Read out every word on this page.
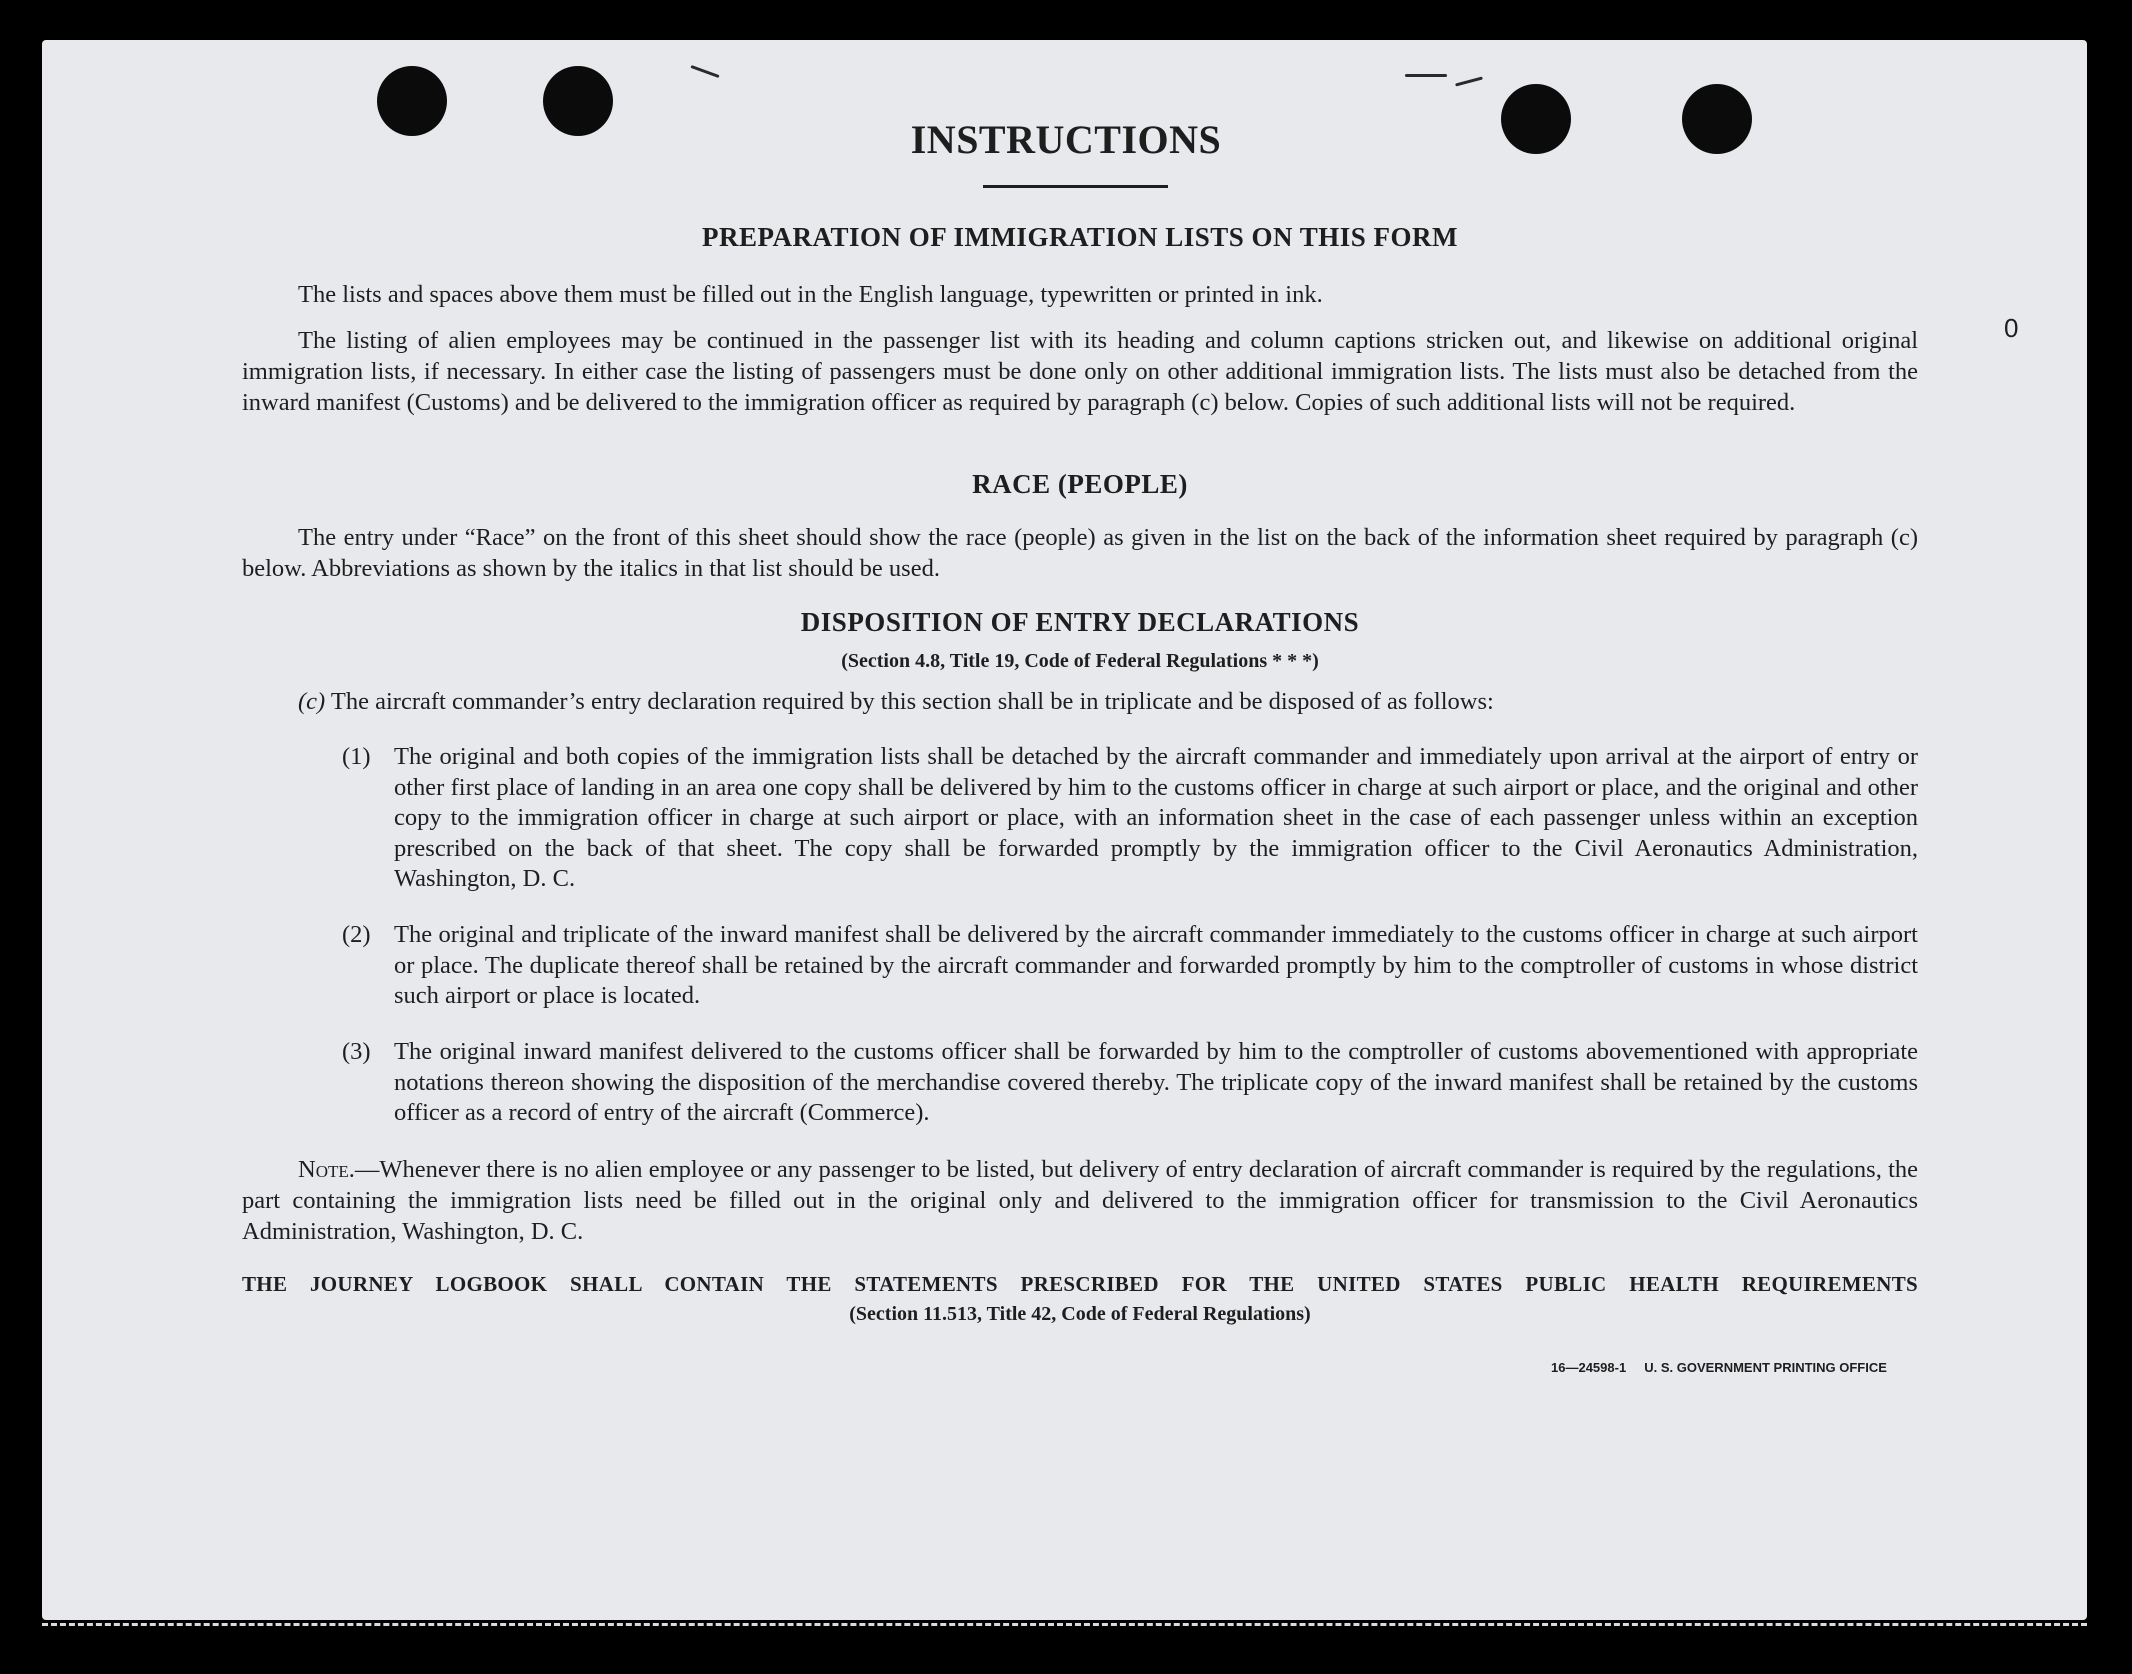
0
INSTRUCTIONS
PREPARATION OF IMMIGRATION LISTS ON THIS FORM
The lists and spaces above them must be filled out in the English language, typewritten or printed in ink.
The listing of alien employees may be continued in the passenger list with its heading and column captions stricken out, and likewise on additional original immigration lists, if necessary. In either case the listing of passengers must be done only on other additional immigration lists. The lists must also be detached from the inward manifest (Customs) and be delivered to the immigration officer as required by paragraph (c) below. Copies of such additional lists will not be required.
RACE (PEOPLE)
The entry under “Race” on the front of this sheet should show the race (people) as given in the list on the back of the information sheet required by paragraph (c) below. Abbreviations as shown by the italics in that list should be used.
DISPOSITION OF ENTRY DECLARATIONS
(Section 4.8, Title 19, Code of Federal Regulations * * *)
(c) The aircraft commander’s entry declaration required by this section shall be in triplicate and be disposed of as follows:
(1) The original and both copies of the immigration lists shall be detached by the aircraft commander and immediately upon arrival at the airport of entry or other first place of landing in an area one copy shall be delivered by him to the customs officer in charge at such airport or place, and the original and other copy to the immigration officer in charge at such airport or place, with an information sheet in the case of each passenger unless within an exception prescribed on the back of that sheet. The copy shall be forwarded promptly by the immigration officer to the Civil Aeronautics Administration, Washington, D. C.
(2) The original and triplicate of the inward manifest shall be delivered by the aircraft commander immediately to the customs officer in charge at such airport or place. The duplicate thereof shall be retained by the aircraft commander and forwarded promptly by him to the comptroller of customs in whose district such airport or place is located.
(3) The original inward manifest delivered to the customs officer shall be forwarded by him to the comptroller of customs abovementioned with appropriate notations thereon showing the disposition of the merchandise covered thereby. The triplicate copy of the inward manifest shall be retained by the customs officer as a record of entry of the aircraft (Commerce).
Note.—Whenever there is no alien employee or any passenger to be listed, but delivery of entry declaration of aircraft commander is required by the regulations, the part containing the immigration lists need be filled out in the original only and delivered to the immigration officer for transmission to the Civil Aeronautics Administration, Washington, D. C.
THE JOURNEY LOGBOOK SHALL CONTAIN THE STATEMENTS PRESCRIBED FOR THE UNITED STATES PUBLIC HEALTH REQUIREMENTS
(Section 11.513, Title 42, Code of Federal Regulations)
16—24598-1 U. S. GOVERNMENT PRINTING OFFICE
